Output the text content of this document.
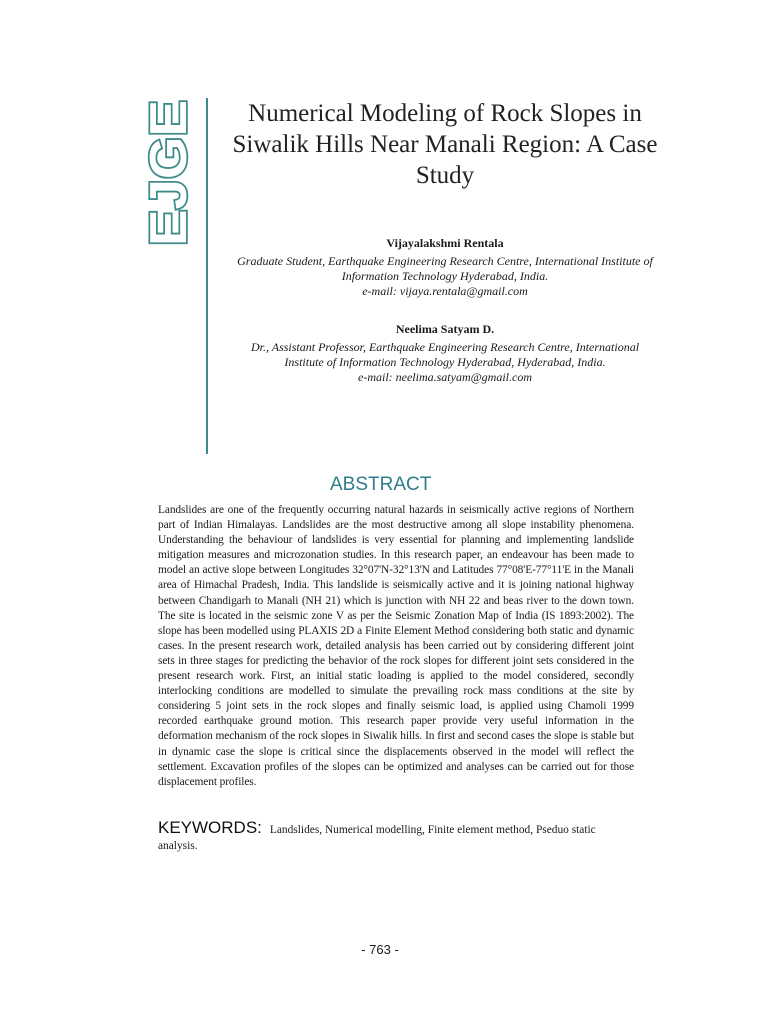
EJGE	Numerical Modeling of Rock Slopes in Siwalik Hills Near Manali Region: A Case Study
Vijayalakshmi Rentala
Graduate Student, Earthquake Engineering Research Centre, International Institute of Information Technology Hyderabad, India.
e-mail: vijaya.rentala@gmail.com
Neelima Satyam D.
Dr., Assistant Professor, Earthquake Engineering Research Centre, International Institute of Information Technology Hyderabad, Hyderabad, India.
e-mail: neelima.satyam@gmail.com
ABSTRACT
Landslides are one of the frequently occurring natural hazards in seismically active regions of Northern part of Indian Himalayas. Landslides are the most destructive among all slope instability phenomena. Understanding the behaviour of landslides is very essential for planning and implementing landslide mitigation measures and microzonation studies. In this research paper, an endeavour has been made to model an active slope between Longitudes 32°07'N-32°13'N and Latitudes 77°08'E-77°11'E in the Manali area of Himachal Pradesh, India. This landslide is seismically active and it is joining national highway between Chandigarh to Manali (NH 21) which is junction with NH 22 and beas river to the down town. The site is located in the seismic zone V as per the Seismic Zonation Map of India (IS 1893:2002). The slope has been modelled using PLAXIS 2D a Finite Element Method considering both static and dynamic cases. In the present research work, detailed analysis has been carried out by considering different joint sets in three stages for predicting the behavior of the rock slopes for different joint sets considered in the present research work. First, an initial static loading is applied to the model considered, secondly interlocking conditions are modelled to simulate the prevailing rock mass conditions at the site by considering 5 joint sets in the rock slopes and finally seismic load, is applied using Chamoli 1999 recorded earthquake ground motion. This research paper provide very useful information in the deformation mechanism of the rock slopes in Siwalik hills. In first and second cases the slope is stable but in dynamic case the slope is critical since the displacements observed in the model will reflect the settlement. Excavation profiles of the slopes can be optimized and analyses can be carried out for those displacement profiles.
KEYWORDS: Landslides, Numerical modelling, Finite element method, Pseduo static analysis.
- 763 -
